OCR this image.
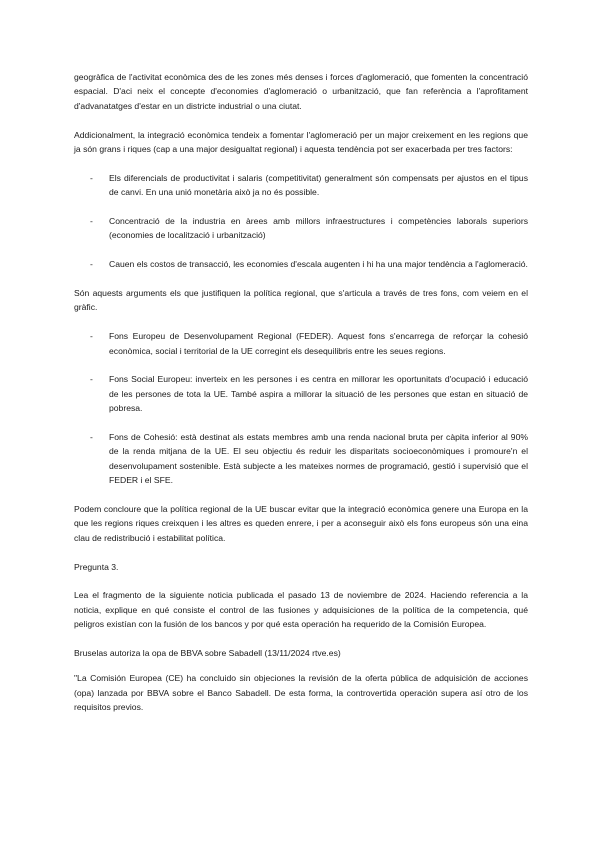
geogràfica de l'activitat econòmica des de les zones més denses i forces d'aglomeració, que fomenten la concentració espacial. D'aci neix el concepte d'economies d'aglomeració o urbanització, que fan referència a l'aprofitament d'advanatatges d'estar en un districte industrial o una ciutat.

Addicionalment, la integració econòmica tendeix a fomentar l'aglomeració per un major creixement en les regions que ja són grans i riques (cap a una major desigualtat regional) i aquesta tendència pot ser exacerbada per tres factors:

- Els diferencials de productivitat i salaris (competitivitat) generalment són compensats per ajustos en el tipus de canvi. En una unió monetària això ja no és possible.
- Concentració de la industria en àrees amb millors infraestructures i competències laborals superiors (economies de localització i urbanització)
- Cauen els costos de transacció, les economies d'escala augenten i hi ha una major tendència a l'aglomeració.

Són aquests arguments els que justifiquen la política regional, que s'articula a través de tres fons, com veiem en el gràfic.

- Fons Europeu de Desenvolupament Regional (FEDER). Aquest fons s'encarrega de reforçar la cohesió econòmica, social i territorial de la UE corregint els desequilibris entre les seues regions.
- Fons Social Europeu: inverteix en les persones i es centra en millorar les oportunitats d'ocupació i educació de les persones de tota la UE. També aspira a millorar la situació de les persones que estan en situació de pobresa.
- Fons de Cohesió: està destinat als estats membres amb una renda nacional bruta per càpita inferior al 90% de la renda mitjana de la UE. El seu objectiu és reduir les disparitats socioeconòmiques i promoure'n el desenvolupament sostenible. Està subjecte a les mateixes normes de programació, gestió i supervisió que el FEDER i el SFE.

Podem concloure que la política regional de la UE buscar evitar que la integració econòmica genere una Europa en la que les regions riques creixquen i les altres es queden enrere, i per a aconseguir això els fons europeus són una eina clau de redistribució i estabilitat política.

Pregunta 3.

Lea el fragmento de la siguiente noticia publicada el pasado 13 de noviembre de 2024. Haciendo referencia a la noticia, explique en qué consiste el control de las fusiones y adquisiciones de la política de la competencia, qué peligros existían con la fusión de los bancos y por qué esta operación ha requerido de la Comisión Europea.

Bruselas autoriza la opa de BBVA sobre Sabadell (13/11/2024 rtve.es)

"La Comisión Europea (CE) ha concluido sin objeciones la revisión de la oferta pública de adquisición de acciones (opa) lanzada por BBVA sobre el Banco Sabadell. De esta forma, la controvertida operación supera así otro de los requisitos previos.
